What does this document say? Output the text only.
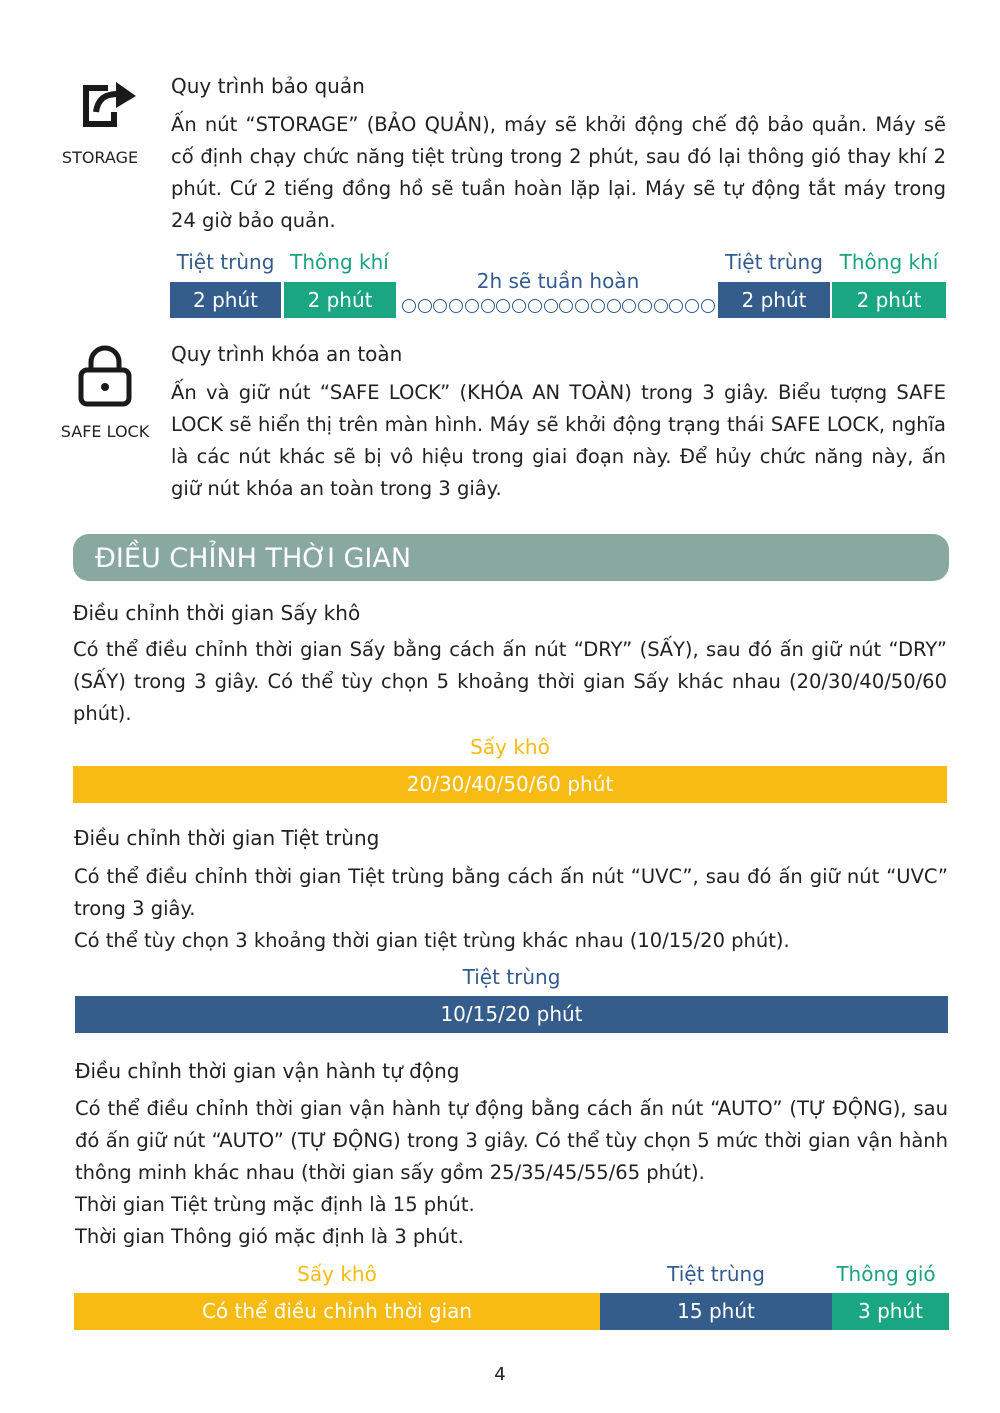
STORAGE
Quy trình bảo quản

Ấn nút “STORAGE” (BẢO QUẢN), máy sẽ khởi động chế độ bảo quản. Máy sẽ cố định chạy chức năng tiệt trùng trong 2 phút, sau đó lại thông gió thay khí 2 phút. Cứ 2 tiếng đồng hồ sẽ tuần hoàn lặp lại. Máy sẽ tự động tắt máy trong 24 giờ bảo quản.

Tiệt trùng Thông khí
2h sẽ tuần hoàn
Tiệt trùng Thông khí
2 phút	2 phút	2 phút	2 phút
SAFE LOCK
Quy trình khóa an toàn

Ấn và giữ nút “SAFE LOCK” (KHÓA AN TOÀN) trong 3 giây. Biểu tượng SAFE LOCK sẽ hiển thị trên màn hình. Máy sẽ khởi động trạng thái SAFE LOCK, nghĩa là các nút khác sẽ bị vô hiệu trong giai đoạn này. Để hủy chức năng này, ấn giữ nút khóa an toàn trong 3 giây.

ĐIỀU CHỈNH THỜI GIAN
Điều chỉnh thời gian Sấy khô

Có thể điều chỉnh thời gian Sấy bằng cách ấn nút “DRY” (SẤY), sau đó ấn giữ nút “DRY” (SẤY) trong 3 giây. Có thể tùy chọn 5 khoảng thời gian Sấy khác nhau (20/30/40/50/60 phút).

Sấy khô
20/30/40/50/60 phút
Điều chỉnh thời gian Tiệt trùng

Có thể điều chỉnh thời gian Tiệt trùng bằng cách ấn nút “UVC”, sau đó ấn giữ nút “UVC” trong 3 giây.

Có thể tùy chọn 3 khoảng thời gian tiệt trùng khác nhau (10/15/20 phút).

Tiệt trùng
10/15/20 phút
Điều chỉnh thời gian vận hành tự động

Có thể điều chỉnh thời gian vận hành tự động bằng cách ấn nút “AUTO” (TỰ ĐỘNG), sau đó ấn giữ nút “AUTO” (TỰ ĐỘNG) trong 3 giây. Có thể tùy chọn 5 mức thời gian vận hành thông minh khác nhau (thời gian sấy gồm 25/35/45/55/65 phút).

Thời gian Tiệt trùng mặc định là 15 phút.

Thời gian Thông gió mặc định là 3 phút.

Sấy khô	Tiệt trùng	Thông gió
Có thể điều chỉnh thời gian	15 phút	3 phút
4
